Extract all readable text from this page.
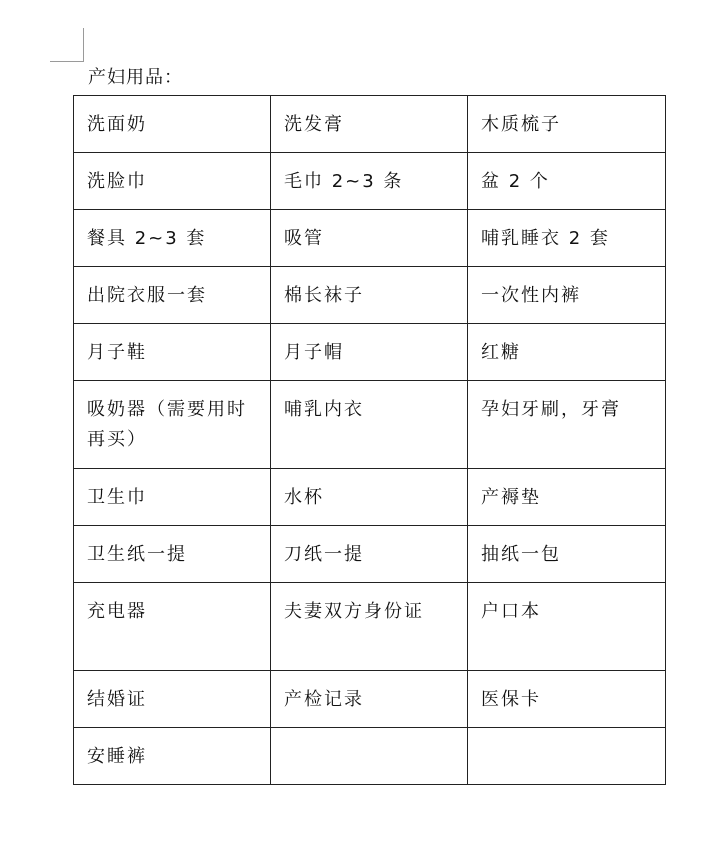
产妇用品：
洗面奶	洗发膏	木质梳子
洗脸巾	毛巾 2~3 条	盆 2 个
餐具 2~3 套	吸管	哺乳睡衣 2 套
出院衣服一套	棉长袜子	一次性内裤
月子鞋	月子帽	红糖
吸奶器（需要用时再买）	哺乳内衣	孕妇牙刷，牙膏
卫生巾	水杯	产褥垫
卫生纸一提	刀纸一提	抽纸一包
充电器	夫妻双方身份证	户口本
结婚证	产检记录	医保卡
安睡裤		
